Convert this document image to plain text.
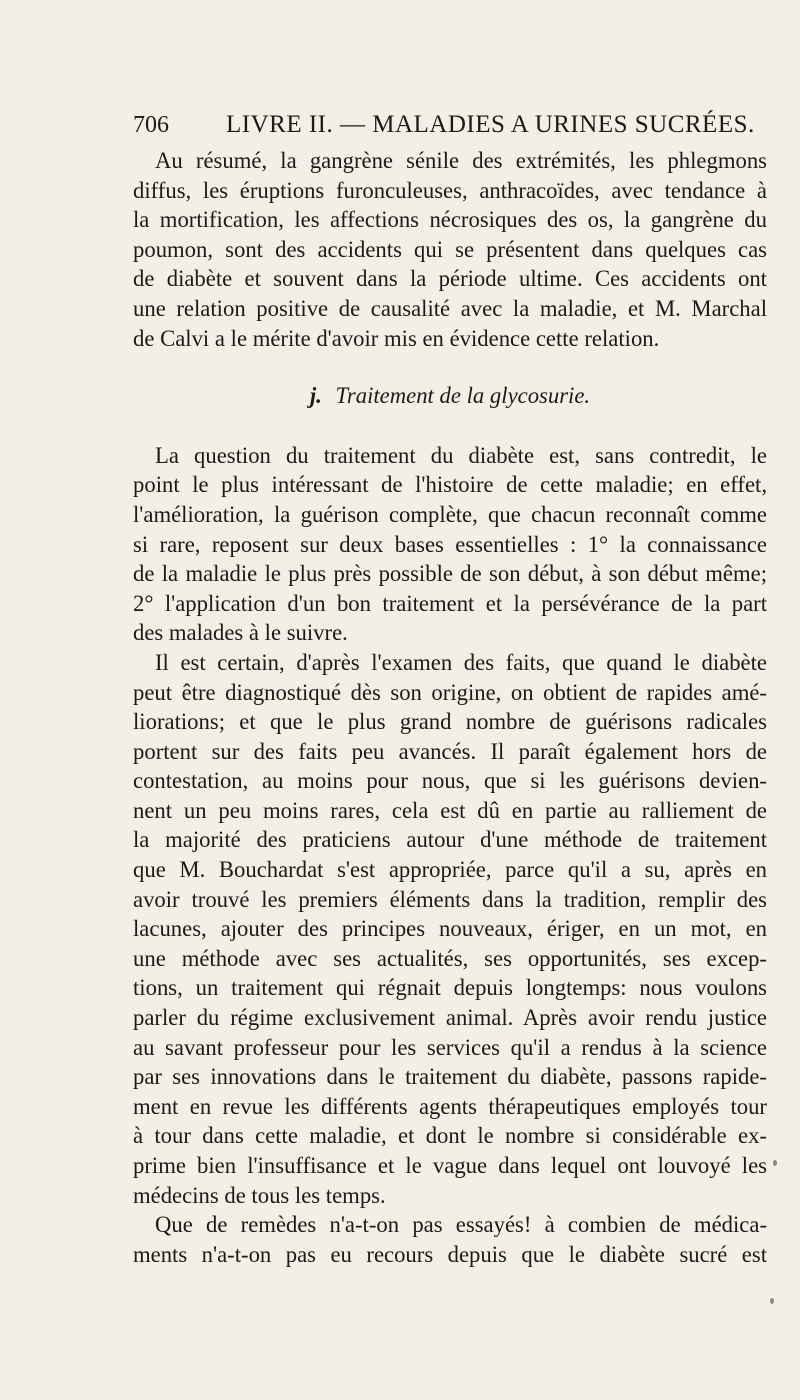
706 LIVRE II. — MALADIES A URINES SUCRÉES.
Au résumé, la gangrène sénile des extrémités, les phlegmons
diffus, les éruptions furonculeuses, anthracoïdes, avec tendance à
la mortification, les affections nécrosiques des os, la gangrène du
poumon, sont des accidents qui se présentent dans quelques cas
de diabète et souvent dans la période ultime. Ces accidents ont
une relation positive de causalité avec la maladie, et M. Marchal
de Calvi a le mérite d'avoir mis en évidence cette relation.
j. Traitement de la glycosurie.
La question du traitement du diabète est, sans contredit, le
point le plus intéressant de l'histoire de cette maladie; en effet,
l'amélioration, la guérison complète, que chacun reconnaît comme
si rare, reposent sur deux bases essentielles : 1° la connaissance
de la maladie le plus près possible de son début, à son début même;
2° l'application d'un bon traitement et la persévérance de la part
des malades à le suivre.
Il est certain, d'après l'examen des faits, que quand le diabète
peut être diagnostiqué dès son origine, on obtient de rapides amé-
liorations; et que le plus grand nombre de guérisons radicales
portent sur des faits peu avancés. Il paraît également hors de
contestation, au moins pour nous, que si les guérisons devien-
nent un peu moins rares, cela est dû en partie au ralliement de
la majorité des praticiens autour d'une méthode de traitement
que M. Bouchardat s'est appropriée, parce qu'il a su, après en
avoir trouvé les premiers éléments dans la tradition, remplir des
lacunes, ajouter des principes nouveaux, ériger, en un mot, en
une méthode avec ses actualités, ses opportunités, ses excep-
tions, un traitement qui régnait depuis longtemps: nous voulons
parler du régime exclusivement animal. Après avoir rendu justice
au savant professeur pour les services qu'il a rendus à la science
par ses innovations dans le traitement du diabète, passons rapide-
ment en revue les différents agents thérapeutiques employés tour
à tour dans cette maladie, et dont le nombre si considérable ex-
prime bien l'insuffisance et le vague dans lequel ont louvoyé les
médecins de tous les temps.
Que de remèdes n'a-t-on pas essayés! à combien de médica-
ments n'a-t-on pas eu recours depuis que le diabète sucré est
